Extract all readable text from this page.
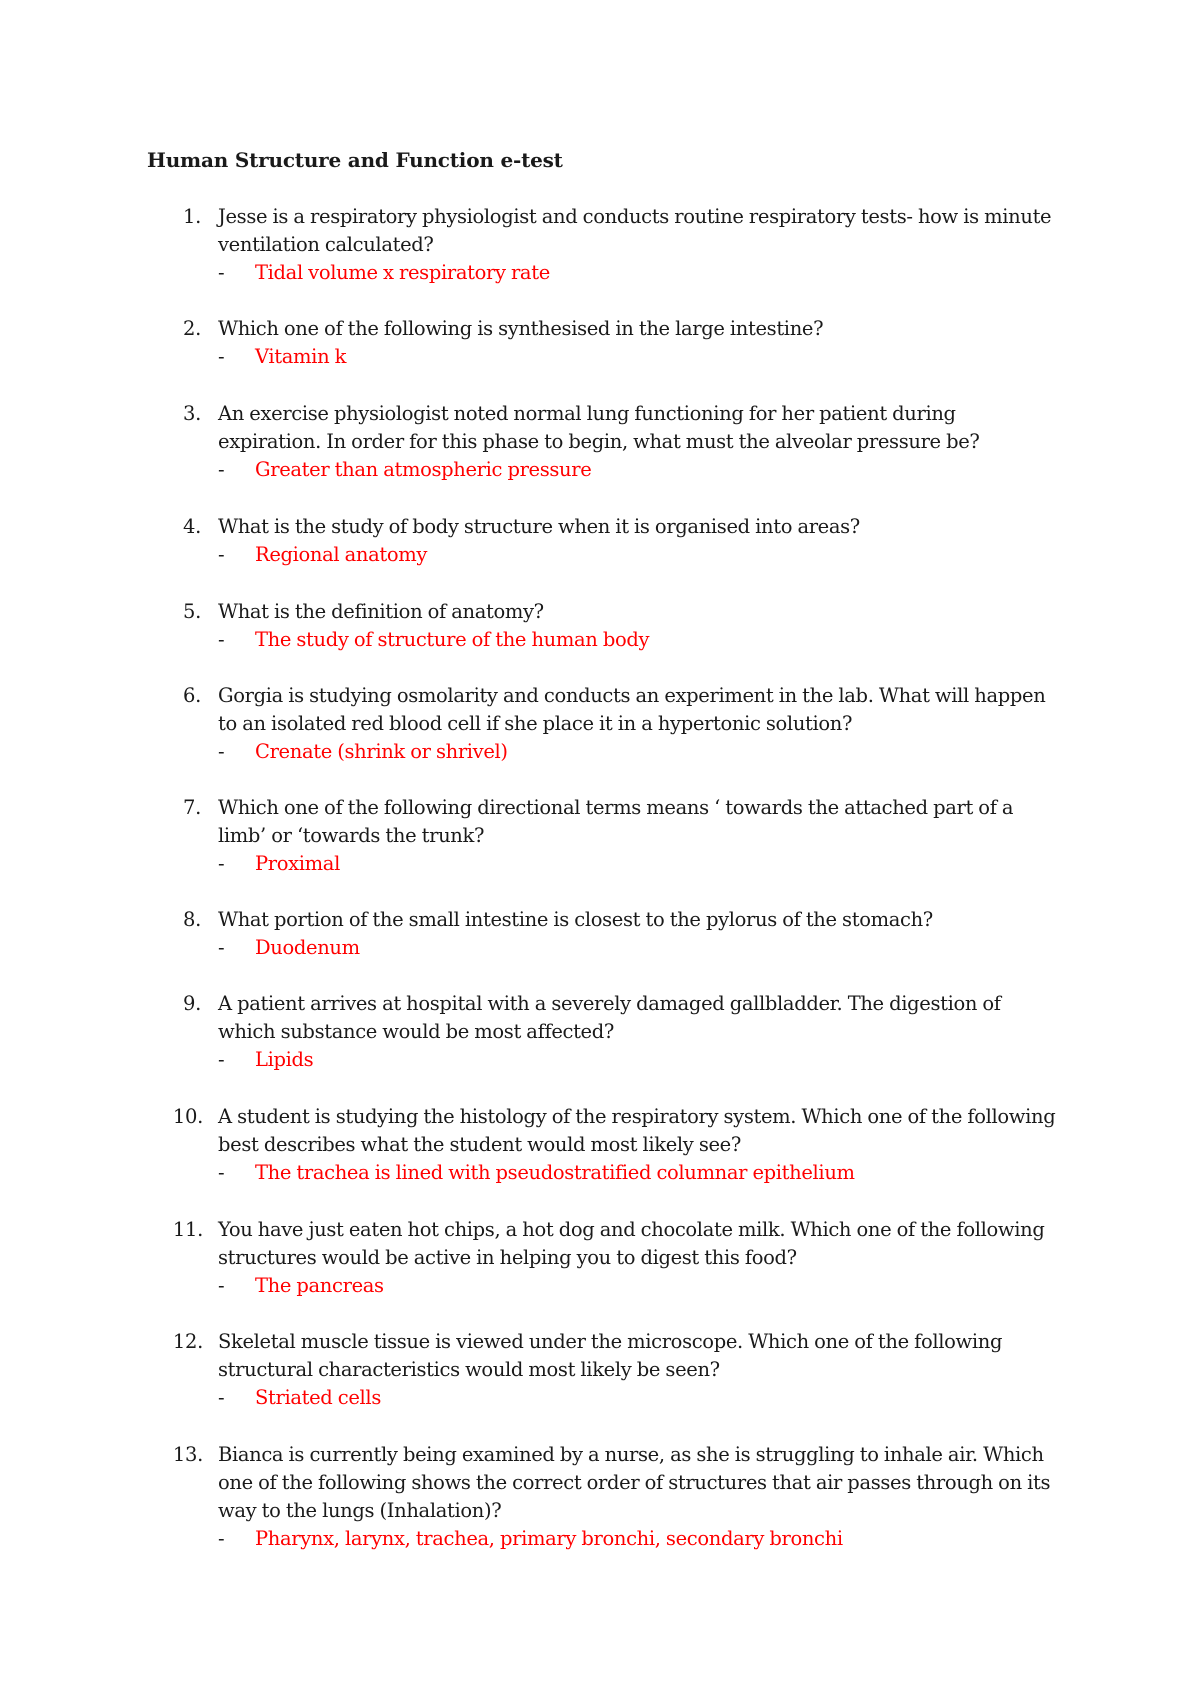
Human Structure and Function e-test
1. Jesse is a respiratory physiologist and conducts routine respiratory tests- how is minute ventilation calculated?

- Tidal volume x respiratory rate
2. Which one of the following is synthesised in the large intestine?

- Vitamin k
3. An exercise physiologist noted normal lung functioning for her patient during expiration. In order for this phase to begin, what must the alveolar pressure be?

- Greater than atmospheric pressure
4. What is the study of body structure when it is organised into areas?

- Regional anatomy
5. What is the definition of anatomy?

- The study of structure of the human body
6. Gorgia is studying osmolarity and conducts an experiment in the lab. What will happen to an isolated red blood cell if she place it in a hypertonic solution?

- Crenate (shrink or shrivel)
7. Which one of the following directional terms means ‘ towards the attached part of a limb’ or ‘towards the trunk?

- Proximal
8. What portion of the small intestine is closest to the pylorus of the stomach?

- Duodenum
9. A patient arrives at hospital with a severely damaged gallbladder. The digestion of which substance would be most affected?

- Lipids
10. A student is studying the histology of the respiratory system. Which one of the following best describes what the student would most likely see?

- The trachea is lined with pseudostratified columnar epithelium
11. You have just eaten hot chips, a hot dog and chocolate milk. Which one of the following structures would be active in helping you to digest this food?

- The pancreas
12. Skeletal muscle tissue is viewed under the microscope. Which one of the following structural characteristics would most likely be seen?

- Striated cells
13. Bianca is currently being examined by a nurse, as she is struggling to inhale air. Which one of the following shows the correct order of structures that air passes through on its way to the lungs (Inhalation)?

- Pharynx, larynx, trachea, primary bronchi, secondary bronchi
